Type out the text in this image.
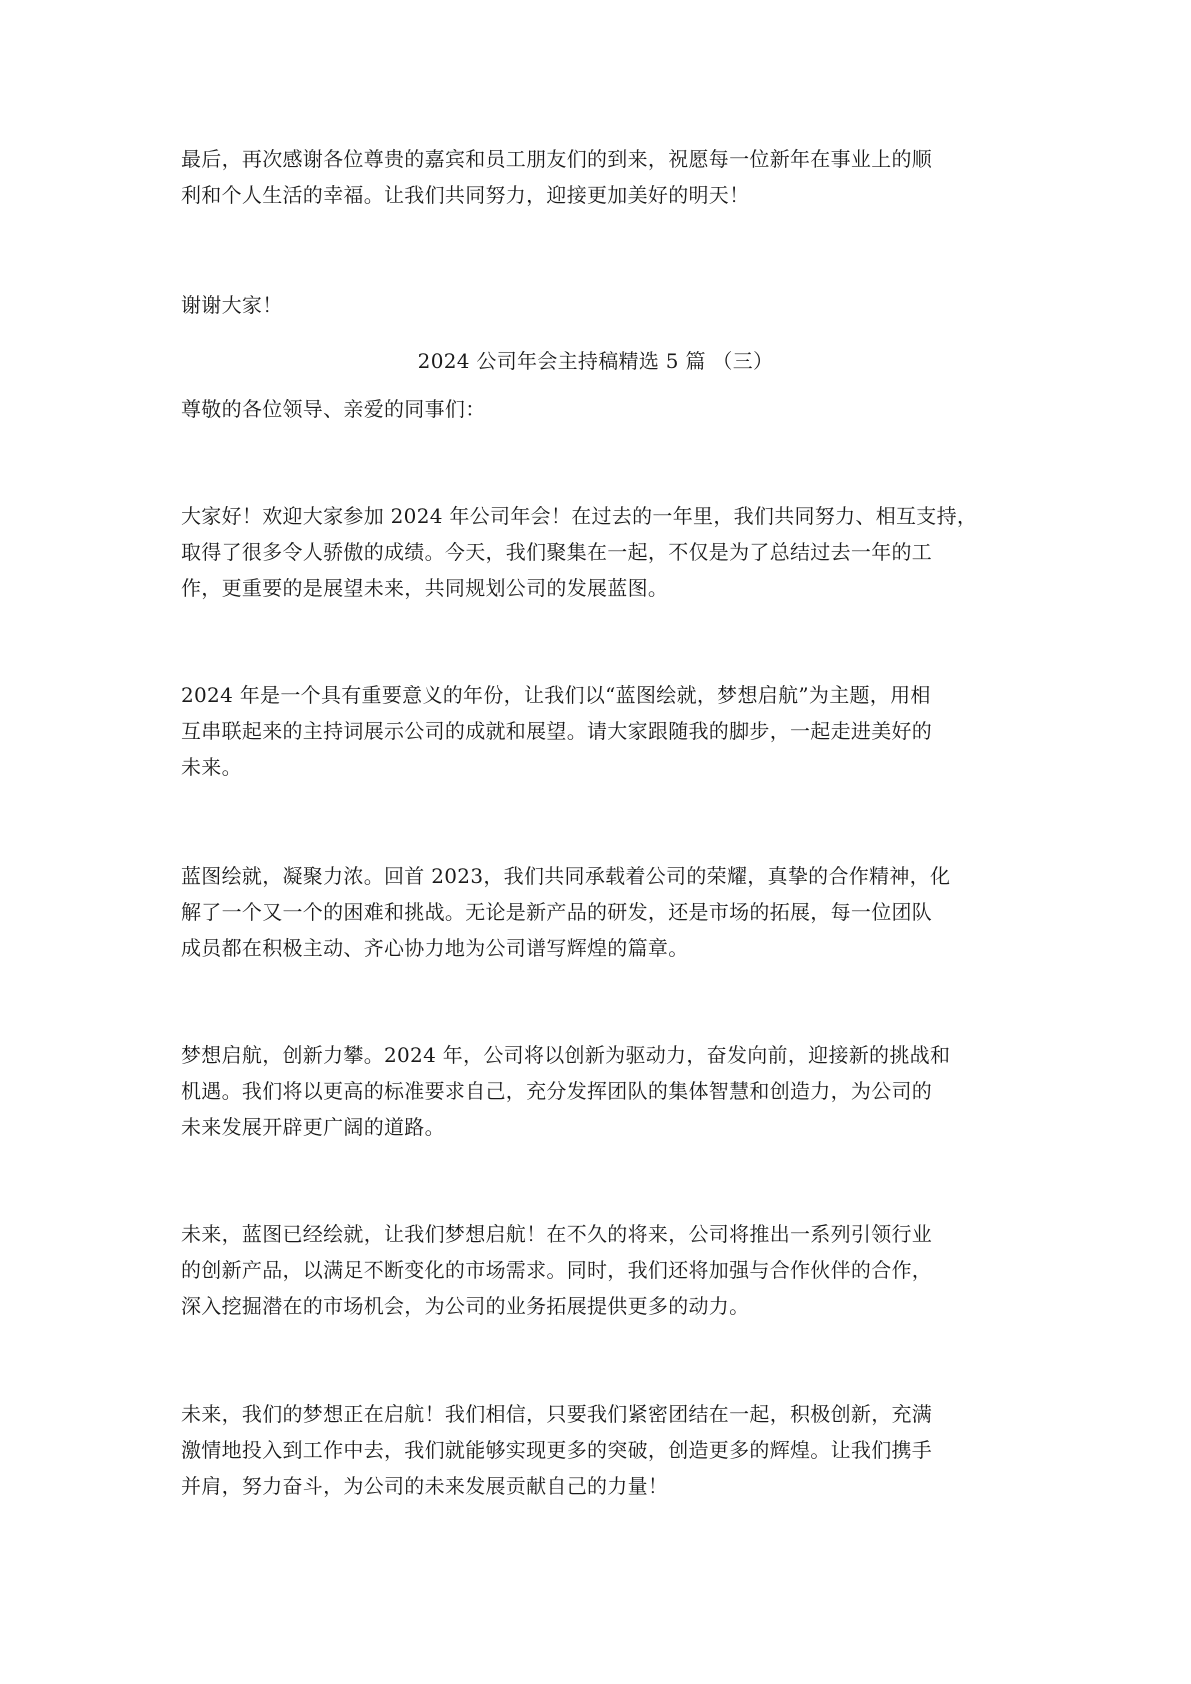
最后，再次感谢各位尊贵的嘉宾和员工朋友们的到来，祝愿每一位新年在事业上的顺
利和个人生活的幸福。让我们共同努力，迎接更加美好的明天！
谢谢大家！
2024 公司年会主持稿精选 5 篇 （三）
尊敬的各位领导、亲爱的同事们：
大家好！欢迎大家参加 2024 年公司年会！在过去的一年里，我们共同努力、相互支持，
取得了很多令人骄傲的成绩。今天，我们聚集在一起，不仅是为了总结过去一年的工
作，更重要的是展望未来，共同规划公司的发展蓝图。
2024 年是一个具有重要意义的年份，让我们以“蓝图绘就，梦想启航”为主题，用相
互串联起来的主持词展示公司的成就和展望。请大家跟随我的脚步，一起走进美好的
未来。
蓝图绘就，凝聚力浓。回首 2023，我们共同承载着公司的荣耀，真挚的合作精神，化
解了一个又一个的困难和挑战。无论是新产品的研发，还是市场的拓展，每一位团队
成员都在积极主动、齐心协力地为公司谱写辉煌的篇章。
梦想启航，创新力攀。2024 年，公司将以创新为驱动力，奋发向前，迎接新的挑战和
机遇。我们将以更高的标准要求自己，充分发挥团队的集体智慧和创造力，为公司的
未来发展开辟更广阔的道路。
未来，蓝图已经绘就，让我们梦想启航！在不久的将来，公司将推出一系列引领行业
的创新产品，以满足不断变化的市场需求。同时，我们还将加强与合作伙伴的合作，
深入挖掘潜在的市场机会，为公司的业务拓展提供更多的动力。
未来，我们的梦想正在启航！我们相信，只要我们紧密团结在一起，积极创新，充满
激情地投入到工作中去，我们就能够实现更多的突破，创造更多的辉煌。让我们携手
并肩，努力奋斗，为公司的未来发展贡献自己的力量！
